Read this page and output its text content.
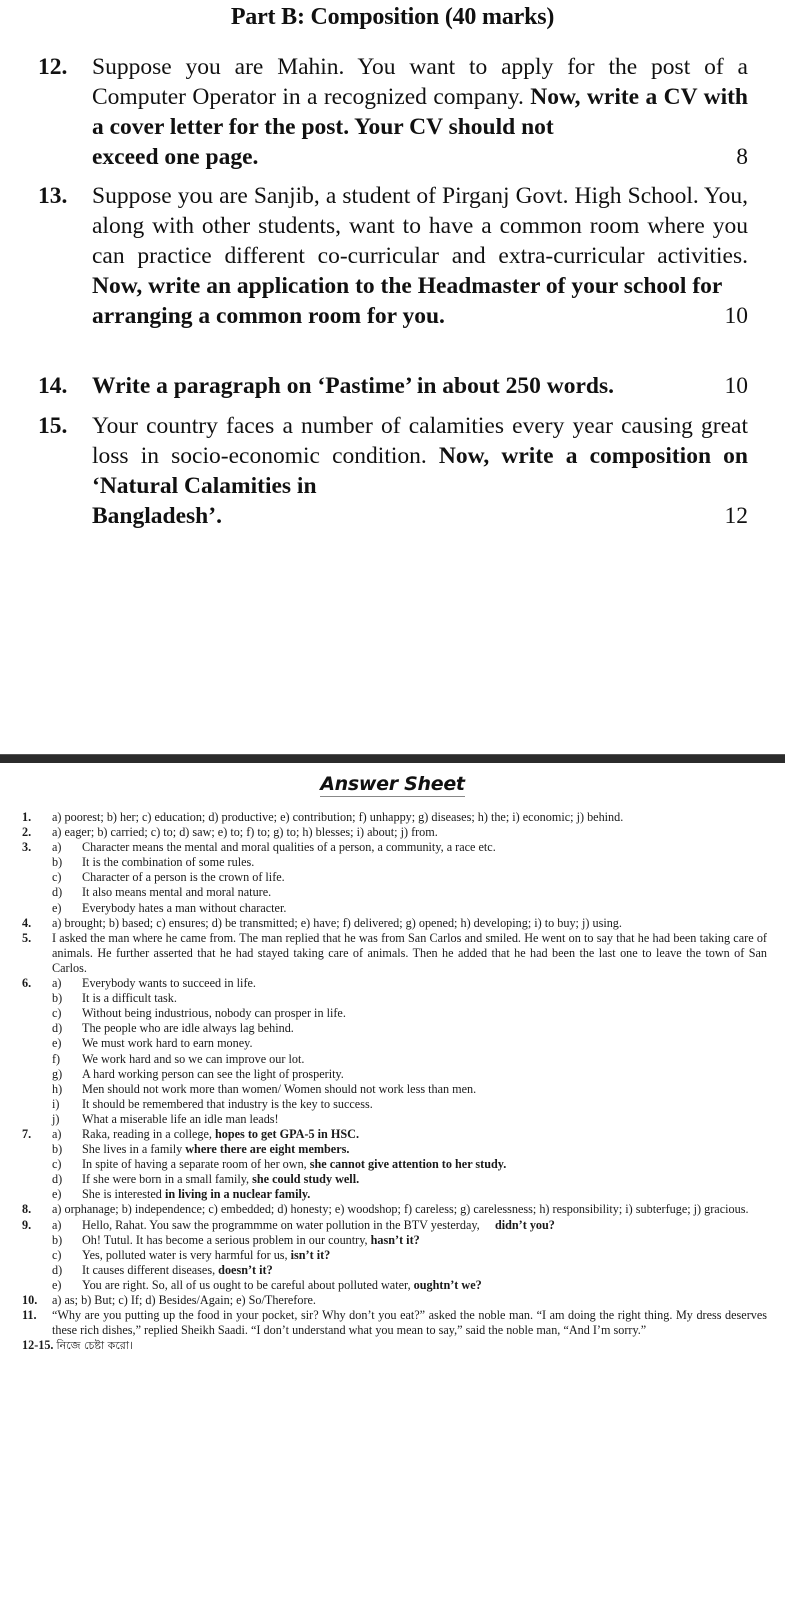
Part B: Composition (40 marks)
12. Suppose you are Mahin. You want to apply for the post of a Computer Operator in a recognized company. Now, write a CV with a cover letter for the post. Your CV should not
exceed one page.	8
13. Suppose you are Sanjib, a student of Pirganj Govt. High School. You, along with other students, want to have a common room where you can practice different co-curricular and extra-curricular activities. Now, write an application to the Headmaster of your school for
arranging a common room for you.	10
14. Write a paragraph on ‘Pastime’ in about 250 words.	10
15. Your country faces a number of calamities every year causing great loss in socio-economic condition. Now, write a composition on ‘Natural Calamities in
Bangladesh’.	12
Answer Sheet
1. a) poorest; b) her; c) education; d) productive; e) contribution; f) unhappy; g) diseases; h) the; i) economic; j) behind.
2. a) eager; b) carried; c) to; d) saw; e) to; f) to; g) to; h) blesses; i) about; j) from.
3. a) Character means the mental and moral qualities of a person, a community, a race etc.
b) It is the combination of some rules.
c) Character of a person is the crown of life.
d) It also means mental and moral nature.
e) Everybody hates a man without character.
4. a) brought; b) based; c) ensures; d) be transmitted; e) have; f) delivered; g) opened; h) developing; i) to buy; j) using.
5. I asked the man where he came from. The man replied that he was from San Carlos and smiled. He went on to say that he had been taking care of animals. He further asserted that he had stayed taking care of animals. Then he added that he had been the last one to leave the town of San Carlos.
6. a) Everybody wants to succeed in life.
b) It is a difficult task.
c) Without being industrious, nobody can prosper in life.
d) The people who are idle always lag behind.
e) We must work hard to earn money.
f) We work hard and so we can improve our lot.
g) A hard working person can see the light of prosperity.
h) Men should not work more than women/ Women should not work less than men.
i) It should be remembered that industry is the key to success.
j) What a miserable life an idle man leads!
7. a) Raka, reading in a college, hopes to get GPA-5 in HSC.
b) She lives in a family where there are eight members.
c) In spite of having a separate room of her own, she cannot give attention to her study.
d) If she were born in a small family, she could study well.
e) She is interested in living in a nuclear family.
8. a) orphanage; b) independence; c) embedded; d) honesty; e) woodshop; f) careless; g) carelessness; h) responsibility; i) subterfuge; j) gracious.
9. a) Hello, Rahat. You saw the programmme on water pollution in the BTV yesterday, didn’t you?
b) Oh! Tutul. It has become a serious problem in our country, hasn’t it?
c) Yes, polluted water is very harmful for us, isn’t it?
d) It causes different diseases, doesn’t it?
e) You are right. So, all of us ought to be careful about polluted water, oughtn’t we?
10. a) as; b) But; c) If; d) Besides/Again; e) So/Therefore.
11. “Why are you putting up the food in your pocket, sir? Why don’t you eat?” asked the noble man. “I am doing the right thing. My dress deserves these rich dishes,” replied Sheikh Saadi. “I don’t understand what you mean to say,” said the noble man, “And I’m sorry.”
12-15. নিজে চেষ্টা করো।
